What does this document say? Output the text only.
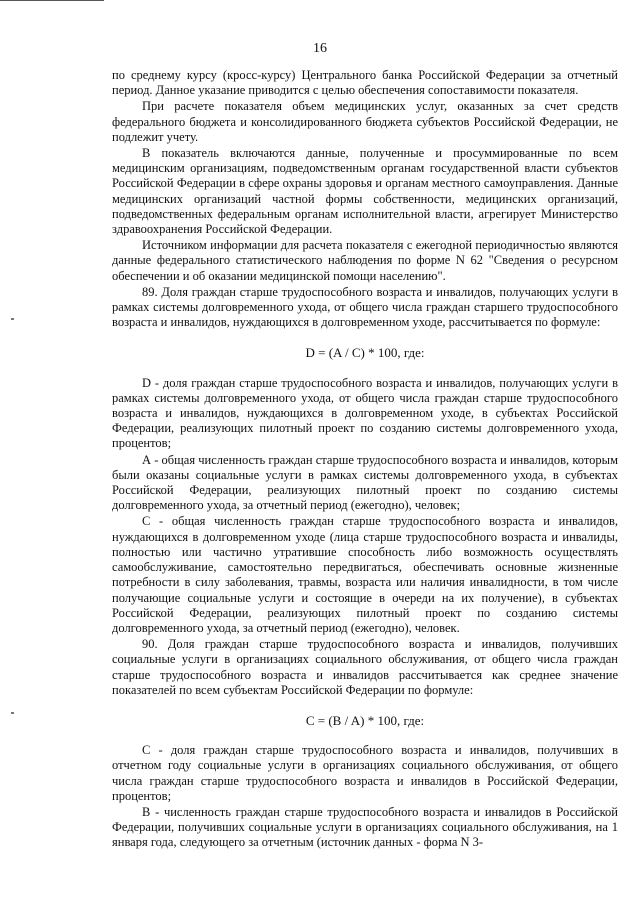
16

по среднему курсу (кросс-курсу) Центрального банка Российской Федерации за отчетный период. Данное указание приводится с целью обеспечения сопоставимости показателя.

При расчете показателя объем медицинских услуг, оказанных за счет средств федерального бюджета и консолидированного бюджета субъектов Российской Федерации, не подлежит учету.

В показатель включаются данные, полученные и просуммированные по всем медицинским организациям, подведомственным органам государственной власти субъектов Российской Федерации в сфере охраны здоровья и органам местного самоуправления. Данные медицинских организаций частной формы собственности, медицинских организаций, подведомственных федеральным органам исполнительной власти, агрегирует Министерство здравоохранения Российской Федерации.

Источником информации для расчета показателя с ежегодной периодичностью являются данные федерального статистического наблюдения по форме N 62 "Сведения о ресурсном обеспечении и об оказании медицинской помощи населению".

89. Доля граждан старше трудоспособного возраста и инвалидов, получающих услуги в рамках системы долговременного ухода, от общего числа граждан старшего трудоспособного возраста и инвалидов, нуждающихся в долговременном уходе, рассчитывается по формуле:

D = (A / C) * 100, где:

D - доля граждан старше трудоспособного возраста и инвалидов, получающих услуги в рамках системы долговременного ухода, от общего числа граждан старше трудоспособного возраста и инвалидов, нуждающихся в долговременном уходе, в субъектах Российской Федерации, реализующих пилотный проект по созданию системы долговременного ухода, процентов;

А - общая численность граждан старше трудоспособного возраста и инвалидов, которым были оказаны социальные услуги в рамках системы долговременного ухода, в субъектах Российской Федерации, реализующих пилотный проект по созданию системы долговременного ухода, за отчетный период (ежегодно), человек;

С - общая численность граждан старше трудоспособного возраста и инвалидов, нуждающихся в долговременном уходе (лица старше трудоспособного возраста и инвалиды, полностью или частично утратившие способность либо возможность осуществлять самообслуживание, самостоятельно передвигаться, обеспечивать основные жизненные потребности в силу заболевания, травмы, возраста или наличия инвалидности, в том числе получающие социальные услуги и состоящие в очереди на их получение), в субъектах Российской Федерации, реализующих пилотный проект по созданию системы долговременного ухода, за отчетный период (ежегодно), человек.

90. Доля граждан старше трудоспособного возраста и инвалидов, получивших социальные услуги в организациях социального обслуживания, от общего числа граждан старше трудоспособного возраста и инвалидов рассчитывается как среднее значение показателей по всем субъектам Российской Федерации по формуле:

C = (B / A) * 100, где:

С - доля граждан старше трудоспособного возраста и инвалидов, получивших в отчетном году социальные услуги в организациях социального обслуживания, от общего числа граждан старше трудоспособного возраста и инвалидов в Российской Федерации, процентов;

В - численность граждан старше трудоспособного возраста и инвалидов в Российской Федерации, получивших социальные услуги в организациях социального обслуживания, на 1 января года, следующего за отчетным (источник данных - форма N 3-
